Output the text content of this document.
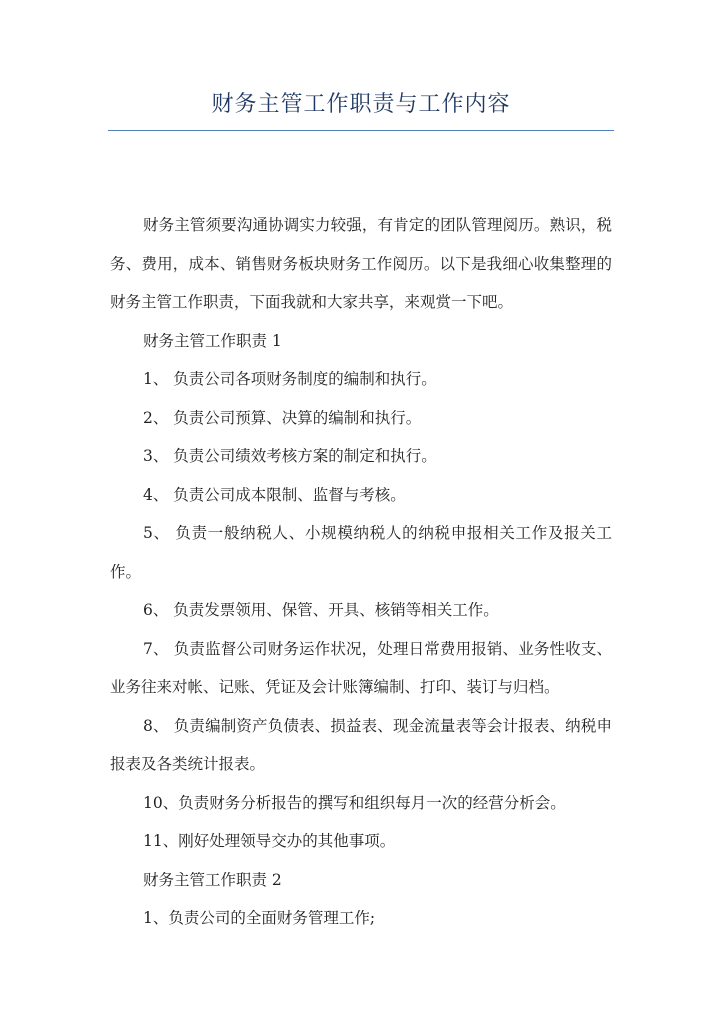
财务主管工作职责与工作内容

财务主管须要沟通协调实力较强，有肯定的团队管理阅历。熟识，税务、费用，成本、销售财务板块财务工作阅历。以下是我细心收集整理的财务主管工作职责，下面我就和大家共享，来观赏一下吧。

财务主管工作职责 1

1、 负责公司各项财务制度的编制和执行。

2、 负责公司预算、决算的编制和执行。

3、 负责公司绩效考核方案的制定和执行。

4、 负责公司成本限制、监督与考核。

5、 负责一般纳税人、小规模纳税人的纳税申报相关工作及报关工作。

6、 负责发票领用、保管、开具、核销等相关工作。

7、 负责监督公司财务运作状况，处理日常费用报销、业务性收支、业务往来对帐、记账、凭证及会计账簿编制、打印、装订与归档。

8、 负责编制资产负债表、损益表、现金流量表等会计报表、纳税申报表及各类统计报表。

10、负责财务分析报告的撰写和组织每月一次的经营分析会。

11、刚好处理领导交办的其他事项。

财务主管工作职责 2

1、负责公司的全面财务管理工作;
